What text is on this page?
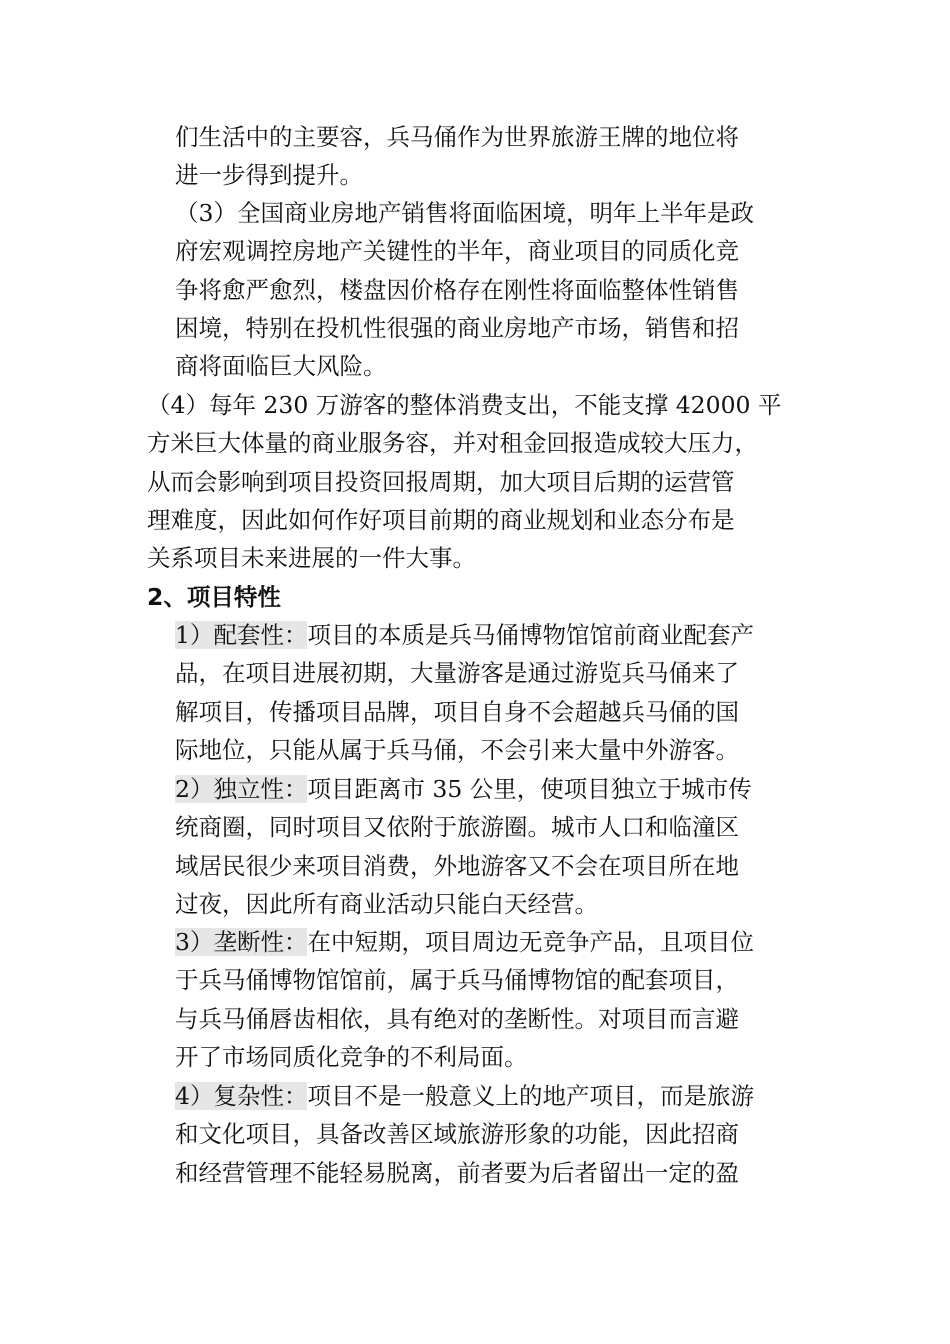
们生活中的主要容，兵马俑作为世界旅游王牌的地位将
进一步得到提升。
（3）全国商业房地产销售将面临困境，明年上半年是政
府宏观调控房地产关键性的半年，商业项目的同质化竞
争将愈严愈烈，楼盘因价格存在刚性将面临整体性销售
困境，特别在投机性很强的商业房地产市场，销售和招
商将面临巨大风险。
（4）每年 230 万游客的整体消费支出，不能支撑 42000 平
方米巨大体量的商业服务容，并对租金回报造成较大压力，
从而会影响到项目投资回报周期，加大项目后期的运营管
理难度，因此如何作好项目前期的商业规划和业态分布是
关系项目未来进展的一件大事。
2、项目特性
1）配套性：项目的本质是兵马俑博物馆馆前商业配套产
品，在项目进展初期，大量游客是通过游览兵马俑来了
解项目，传播项目品牌，项目自身不会超越兵马俑的国
际地位，只能从属于兵马俑，不会引来大量中外游客。
2）独立性：项目距离市 35 公里，使项目独立于城市传
统商圈，同时项目又依附于旅游圈。城市人口和临潼区
域居民很少来项目消费，外地游客又不会在项目所在地
过夜，因此所有商业活动只能白天经营。
3）垄断性：在中短期，项目周边无竞争产品，且项目位
于兵马俑博物馆馆前，属于兵马俑博物馆的配套项目，
与兵马俑唇齿相依，具有绝对的垄断性。对项目而言避
开了市场同质化竞争的不利局面。
4）复杂性：项目不是一般意义上的地产项目，而是旅游
和文化项目，具备改善区域旅游形象的功能，因此招商
和经营管理不能轻易脱离，前者要为后者留出一定的盈
